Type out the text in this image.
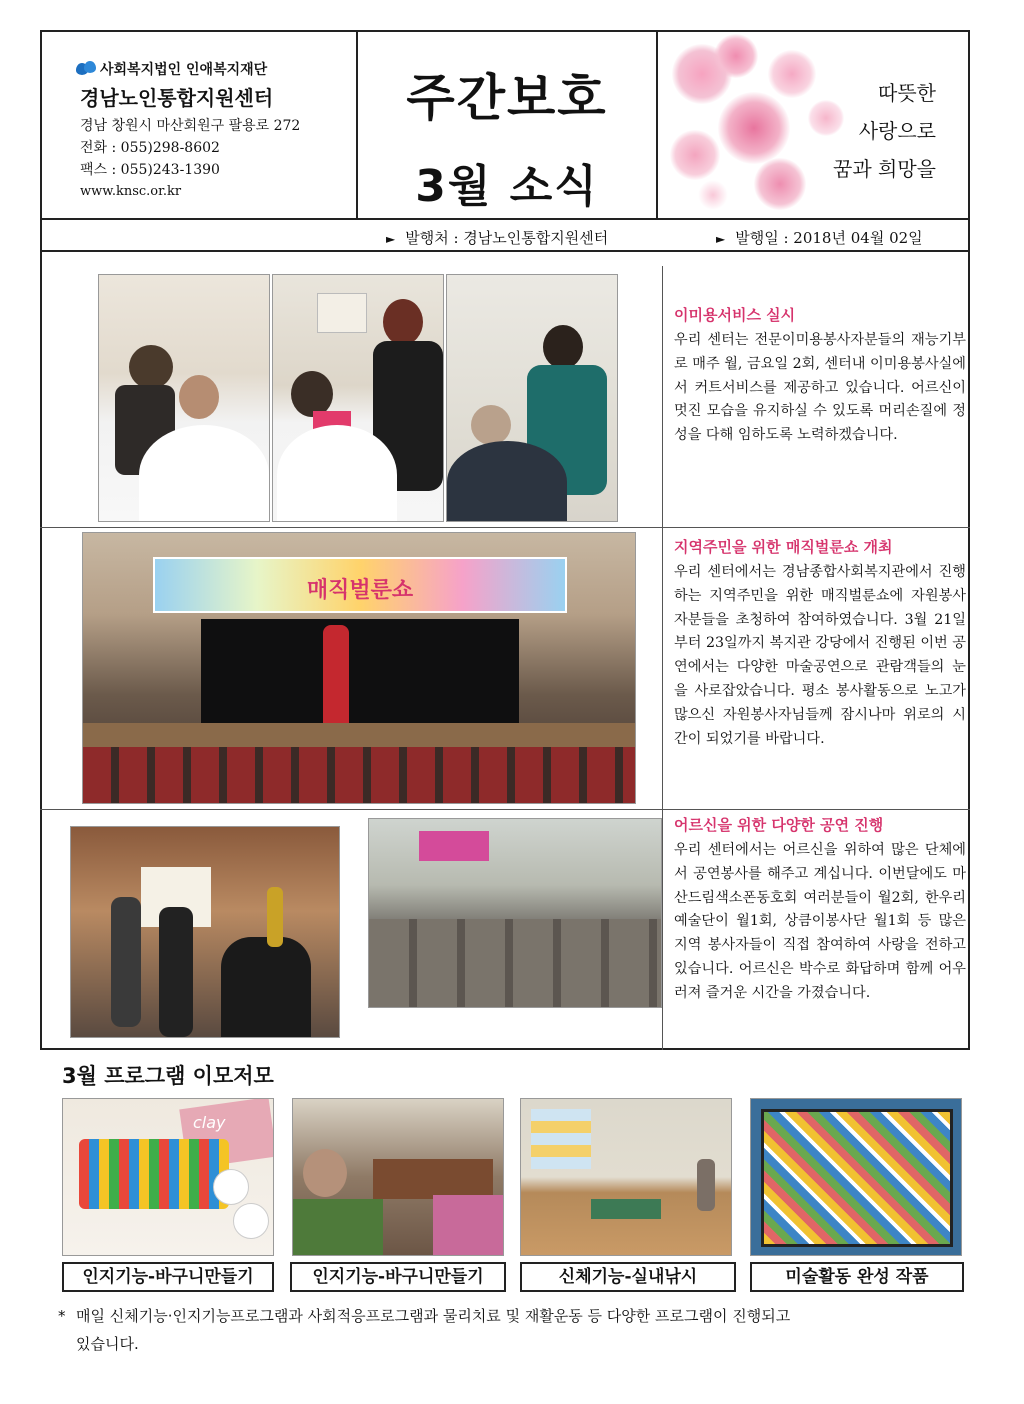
사회복지법인 인애복지재단
경남노인통합지원센터
경남 창원시 마산회원구 팔용로 272
전화 : 055)298-8602
팩스 : 055)243-1390
www.knsc.or.kr
주간보호
3월 소식
따뜻한
사랑으로
꿈과 희망을
► 발행처 : 경남노인통합지원센터	► 발행일 : 2018년 04월 02일
이미용서비스 실시
우리 센터는 전문이미용봉사자분들의 재능기부로 매주 월, 금요일 2회, 센터내 이미용봉사실에서 커트서비스를 제공하고 있습니다. 어르신이 멋진 모습을 유지하실 수 있도록 머리손질에 정성을 다해 임하도록 노력하겠습니다.
매직벌룬쇼
지역주민을 위한 매직벌룬쇼 개최
우리 센터에서는 경남종합사회복지관에서 진행하는 지역주민을 위한 매직벌룬쇼에 자원봉사자분들을 초청하여 참여하였습니다. 3월 21일부터 23일까지 복지관 강당에서 진행된 이번 공연에서는 다양한 마술공연으로 관람객들의 눈을 사로잡았습니다. 평소 봉사활동으로 노고가 많으신 자원봉사자님들께 잠시나마 위로의 시간이 되었기를 바랍니다.
어르신을 위한 다양한 공연 진행
우리 센터에서는 어르신을 위하여 많은 단체에서 공연봉사를 해주고 계십니다. 이번달에도 마산드림색소폰동호회 여러분들이 월2회, 한우리예술단이 월1회, 상큼이봉사단 월1회 등 많은 지역 봉사자들이 직접 참여하여 사랑을 전하고 있습니다. 어르신은 박수로 화답하며 함께 어우러져 즐거운 시간을 가졌습니다.
3월 프로그램 이모저모
clay
인지기능-바구니만들기	인지기능-바구니만들기	신체기능-실내낚시	미술활동 완성 작품
* 매일 신체기능·인지기능프로그램과 사회적응프로그램과 물리치료 및 재활운동 등 다양한 프로그램이 진행되고
있습니다.
